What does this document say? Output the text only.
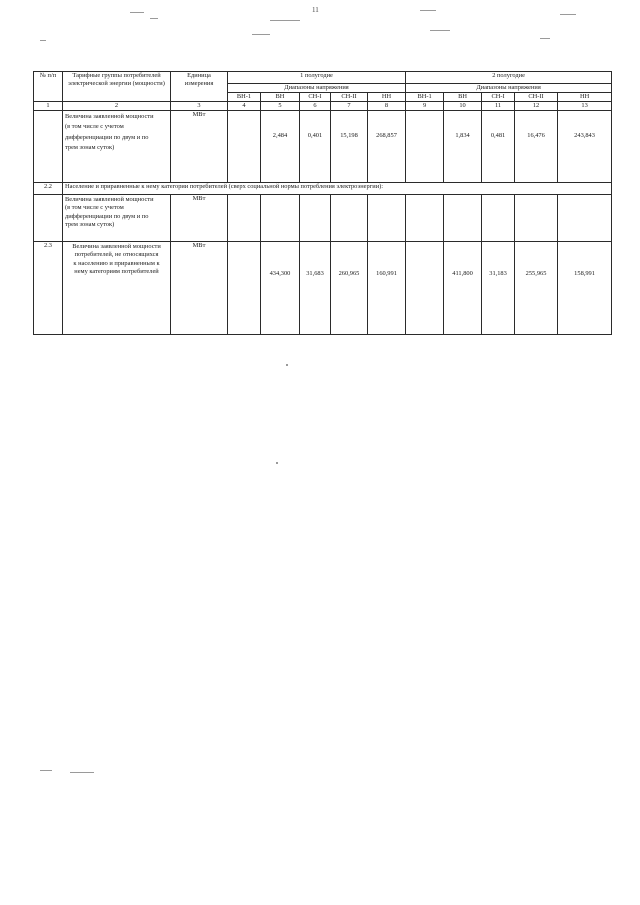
11
№ п/п	Тарифные группы потребителей электрической энергии (мощности)	Единица измерения	1 полугодие					2 полугодие				
			Диапазоны напряжения					Диапазоны напряжения				
			ВН-1	ВН	СН-I	СН-II	НН	ВН-1	ВН	СН-I	СН-II	НН
1	2	3	4	5	6	7	8	9	10	11	12	13

	Величина заявленной мощности
(в том числе с учетом
дифференциации по двум и по
трем зонам суток)	МВт		2,484	0,401	15,198	268,857		1,834	0,481	16,476	243,843
2.2	Население и приравненные к нему категории потребителей (сверх социальной нормы потребления электроэнергии):											

	Величина заявленной мощности
(в том числе с учетом
дифференциации по двум и по
трем зонам суток)	МВт										
2.3	Величина заявленной мощности
потребителей, не относящихся
к населению и приравненным к
нему категориям потребителей	МВт		434,300	31,683	260,965	160,991		411,800	31,183	255,965	158,991
